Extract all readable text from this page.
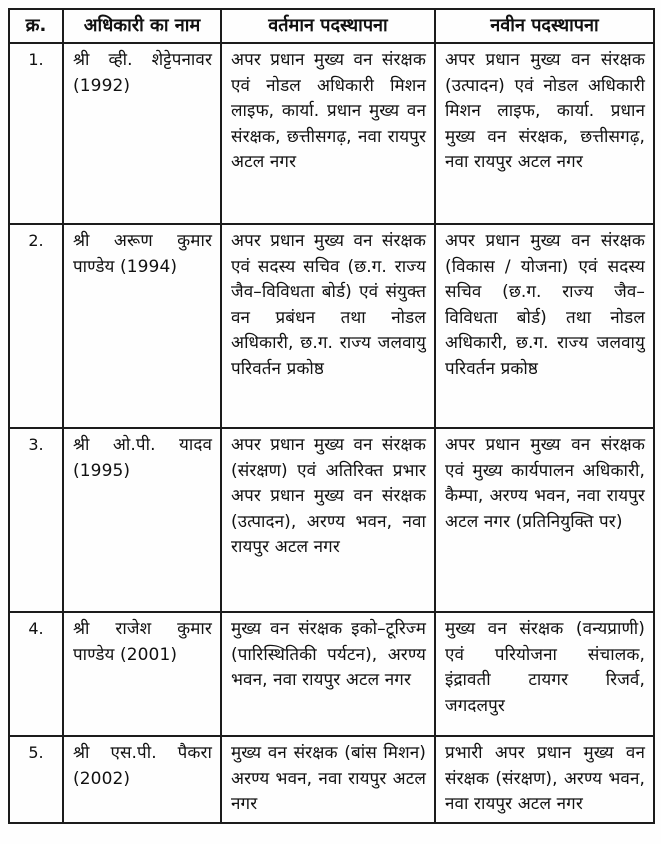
क्र.	अधिकारी का नाम	वर्तमान पदस्थापना	नवीन पदस्थापना
1.	श्री व्ही. शेट्टेपनावर (1992)	अपर प्रधान मुख्य वन संरक्षक एवं नोडल अधिकारी मिशन लाइफ, कार्या. प्रधान मुख्य वन संरक्षक, छत्तीसगढ़, नवा रायपुर अटल नगर	अपर प्रधान मुख्य वन संरक्षक (उत्पादन) एवं नोडल अधिकारी मिशन लाइफ, कार्या. प्रधान मुख्य वन संरक्षक, छत्तीसगढ़, नवा रायपुर अटल नगर
2.	श्री अरूण कुमार पाण्डेय (1994)	अपर प्रधान मुख्य वन संरक्षक एवं सदस्य सचिव (छ.ग. राज्य जैव–विविधता बोर्ड) एवं संयुक्त वन प्रबंधन तथा नोडल अधिकारी, छ.ग. राज्य जलवायु परिवर्तन प्रकोष्ठ	अपर प्रधान मुख्य वन संरक्षक (विकास / योजना) एवं सदस्य सचिव (छ.ग. राज्य जैव–विविधता बोर्ड) तथा नोडल अधिकारी, छ.ग. राज्य जलवायु परिवर्तन प्रकोष्ठ
3.	श्री ओ.पी. यादव (1995)	अपर प्रधान मुख्य वन संरक्षक (संरक्षण) एवं अतिरिक्त प्रभार अपर प्रधान मुख्य वन संरक्षक (उत्पादन), अरण्य भवन, नवा रायपुर अटल नगर	अपर प्रधान मुख्य वन संरक्षक एवं मुख्य कार्यपालन अधिकारी, कैम्पा, अरण्य भवन, नवा रायपुर अटल नगर (प्रतिनियुक्ति पर)
4.	श्री राजेश कुमार पाण्डेय (2001)	मुख्य वन संरक्षक इको–टूरिज्म (पारिस्थितिकी पर्यटन), अरण्य भवन, नवा रायपुर अटल नगर	मुख्य वन संरक्षक (वन्यप्राणी) एवं परियोजना संचालक, इंद्रावती टायगर रिजर्व, जगदलपुर
5.	श्री एस.पी. पैकरा (2002)	मुख्य वन संरक्षक (बांस मिशन) अरण्य भवन, नवा रायपुर अटल नगर	प्रभारी अपर प्रधान मुख्य वन संरक्षक (संरक्षण), अरण्य भवन, नवा रायपुर अटल नगर
